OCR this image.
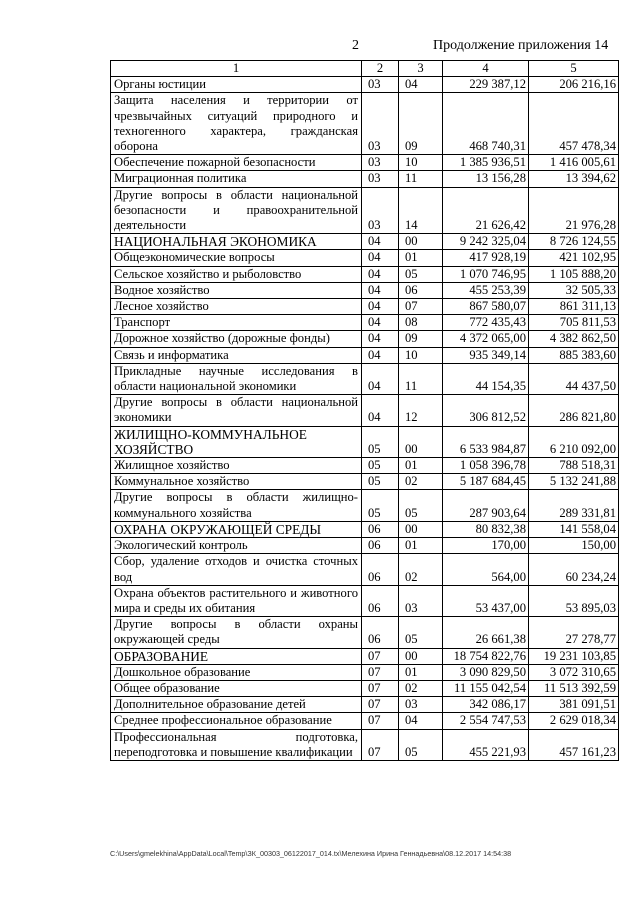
2	Продолжение приложения 14
1	2	3	4	5
Органы юстиции	03	04	229 387,12	206 216,16
Защита населения и территории от чрезвычайных ситуаций природного и техногенного характера, гражданская оборона	03	09	468 740,31	457 478,34
Обеспечение пожарной безопасности	03	10	1 385 936,51	1 416 005,61
Миграционная политика	03	11	13 156,28	13 394,62
Другие вопросы в области национальной безопасности и правоохранительной деятельности	03	14	21 626,42	21 976,28
НАЦИОНАЛЬНАЯ ЭКОНОМИКА	04	00	9 242 325,04	8 726 124,55
Общеэкономические вопросы	04	01	417 928,19	421 102,95
Сельское хозяйство и рыболовство	04	05	1 070 746,95	1 105 888,20
Водное хозяйство	04	06	455 253,39	32 505,33
Лесное хозяйство	04	07	867 580,07	861 311,13
Транспорт	04	08	772 435,43	705 811,53
Дорожное хозяйство (дорожные фонды)	04	09	4 372 065,00	4 382 862,50
Связь и информатика	04	10	935 349,14	885 383,60
Прикладные научные исследования в области национальной экономики	04	11	44 154,35	44 437,50
Другие вопросы в области национальной экономики	04	12	306 812,52	286 821,80
ЖИЛИЩНО-КОММУНАЛЬНОЕ ХОЗЯЙСТВО	05	00	6 533 984,87	6 210 092,00
Жилищное хозяйство	05	01	1 058 396,78	788 518,31
Коммунальное хозяйство	05	02	5 187 684,45	5 132 241,88
Другие вопросы в области жилищно-коммунального хозяйства	05	05	287 903,64	289 331,81
ОХРАНА ОКРУЖАЮЩЕЙ СРЕДЫ	06	00	80 832,38	141 558,04
Экологический контроль	06	01	170,00	150,00
Сбор, удаление отходов и очистка сточных вод	06	02	564,00	60 234,24
Охрана объектов растительного и животного мира и среды их обитания	06	03	53 437,00	53 895,03
Другие вопросы в области охраны окружающей среды	06	05	26 661,38	27 278,77
ОБРАЗОВАНИЕ	07	00	18 754 822,76	19 231 103,85
Дошкольное образование	07	01	3 090 829,50	3 072 310,65
Общее образование	07	02	11 155 042,54	11 513 392,59
Дополнительное образование детей	07	03	342 086,17	381 091,51
Среднее профессиональное образование	07	04	2 554 747,53	2 629 018,34
Профессиональная подготовка, переподготовка и повышение квалификации	07	05	455 221,93	457 161,23
C:\Users\gmelekhina\AppData\Local\Temp\ЗК_00303_06122017_014.tx\Мелехина Ирина Геннадьевна\08.12.2017 14:54:38
